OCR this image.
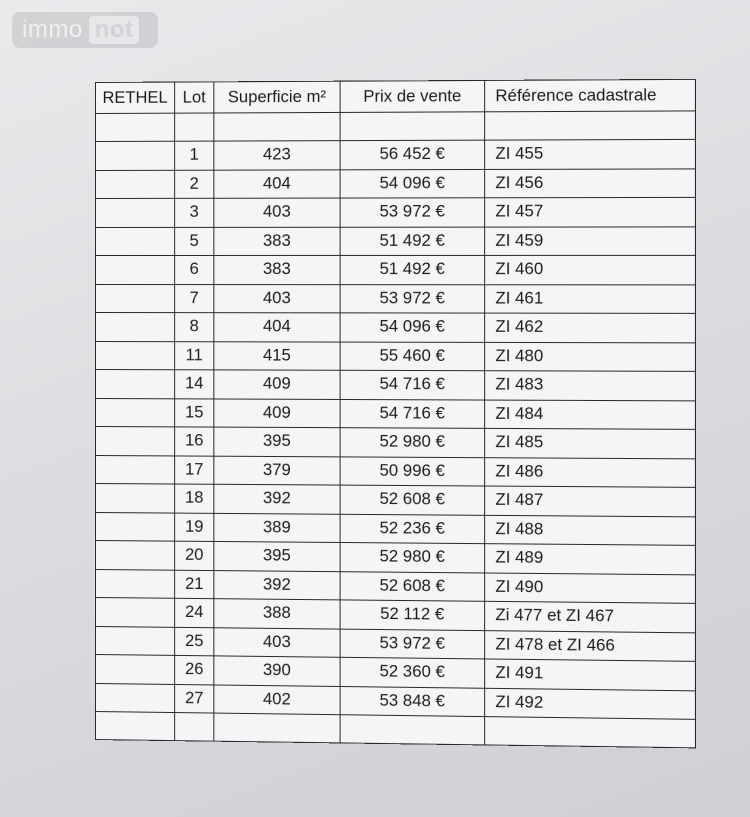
immo not
RETHEL	Lot	Superficie m²	Prix de vente	Référence cadastrale

	1	423	56 452 €	ZI 455
	2	404	54 096 €	ZI 456
	3	403	53 972 €	ZI 457
	5	383	51 492 €	ZI 459
	6	383	51 492 €	ZI 460
	7	403	53 972 €	ZI 461
	8	404	54 096 €	ZI 462
	11	415	55 460 €	ZI 480
	14	409	54 716 €	ZI 483
	15	409	54 716 €	ZI 484
	16	395	52 980 €	ZI 485
	17	379	50 996 €	ZI 486
	18	392	52 608 €	ZI 487
	19	389	52 236 €	ZI 488
	20	395	52 980 €	ZI 489
	21	392	52 608 €	ZI 490
	24	388	52 112 €	Zi 477 et ZI 467
	25	403	53 972 €	ZI 478 et ZI 466
	26	390	52 360 €	ZI 491
	27	402	53 848 €	ZI 492
